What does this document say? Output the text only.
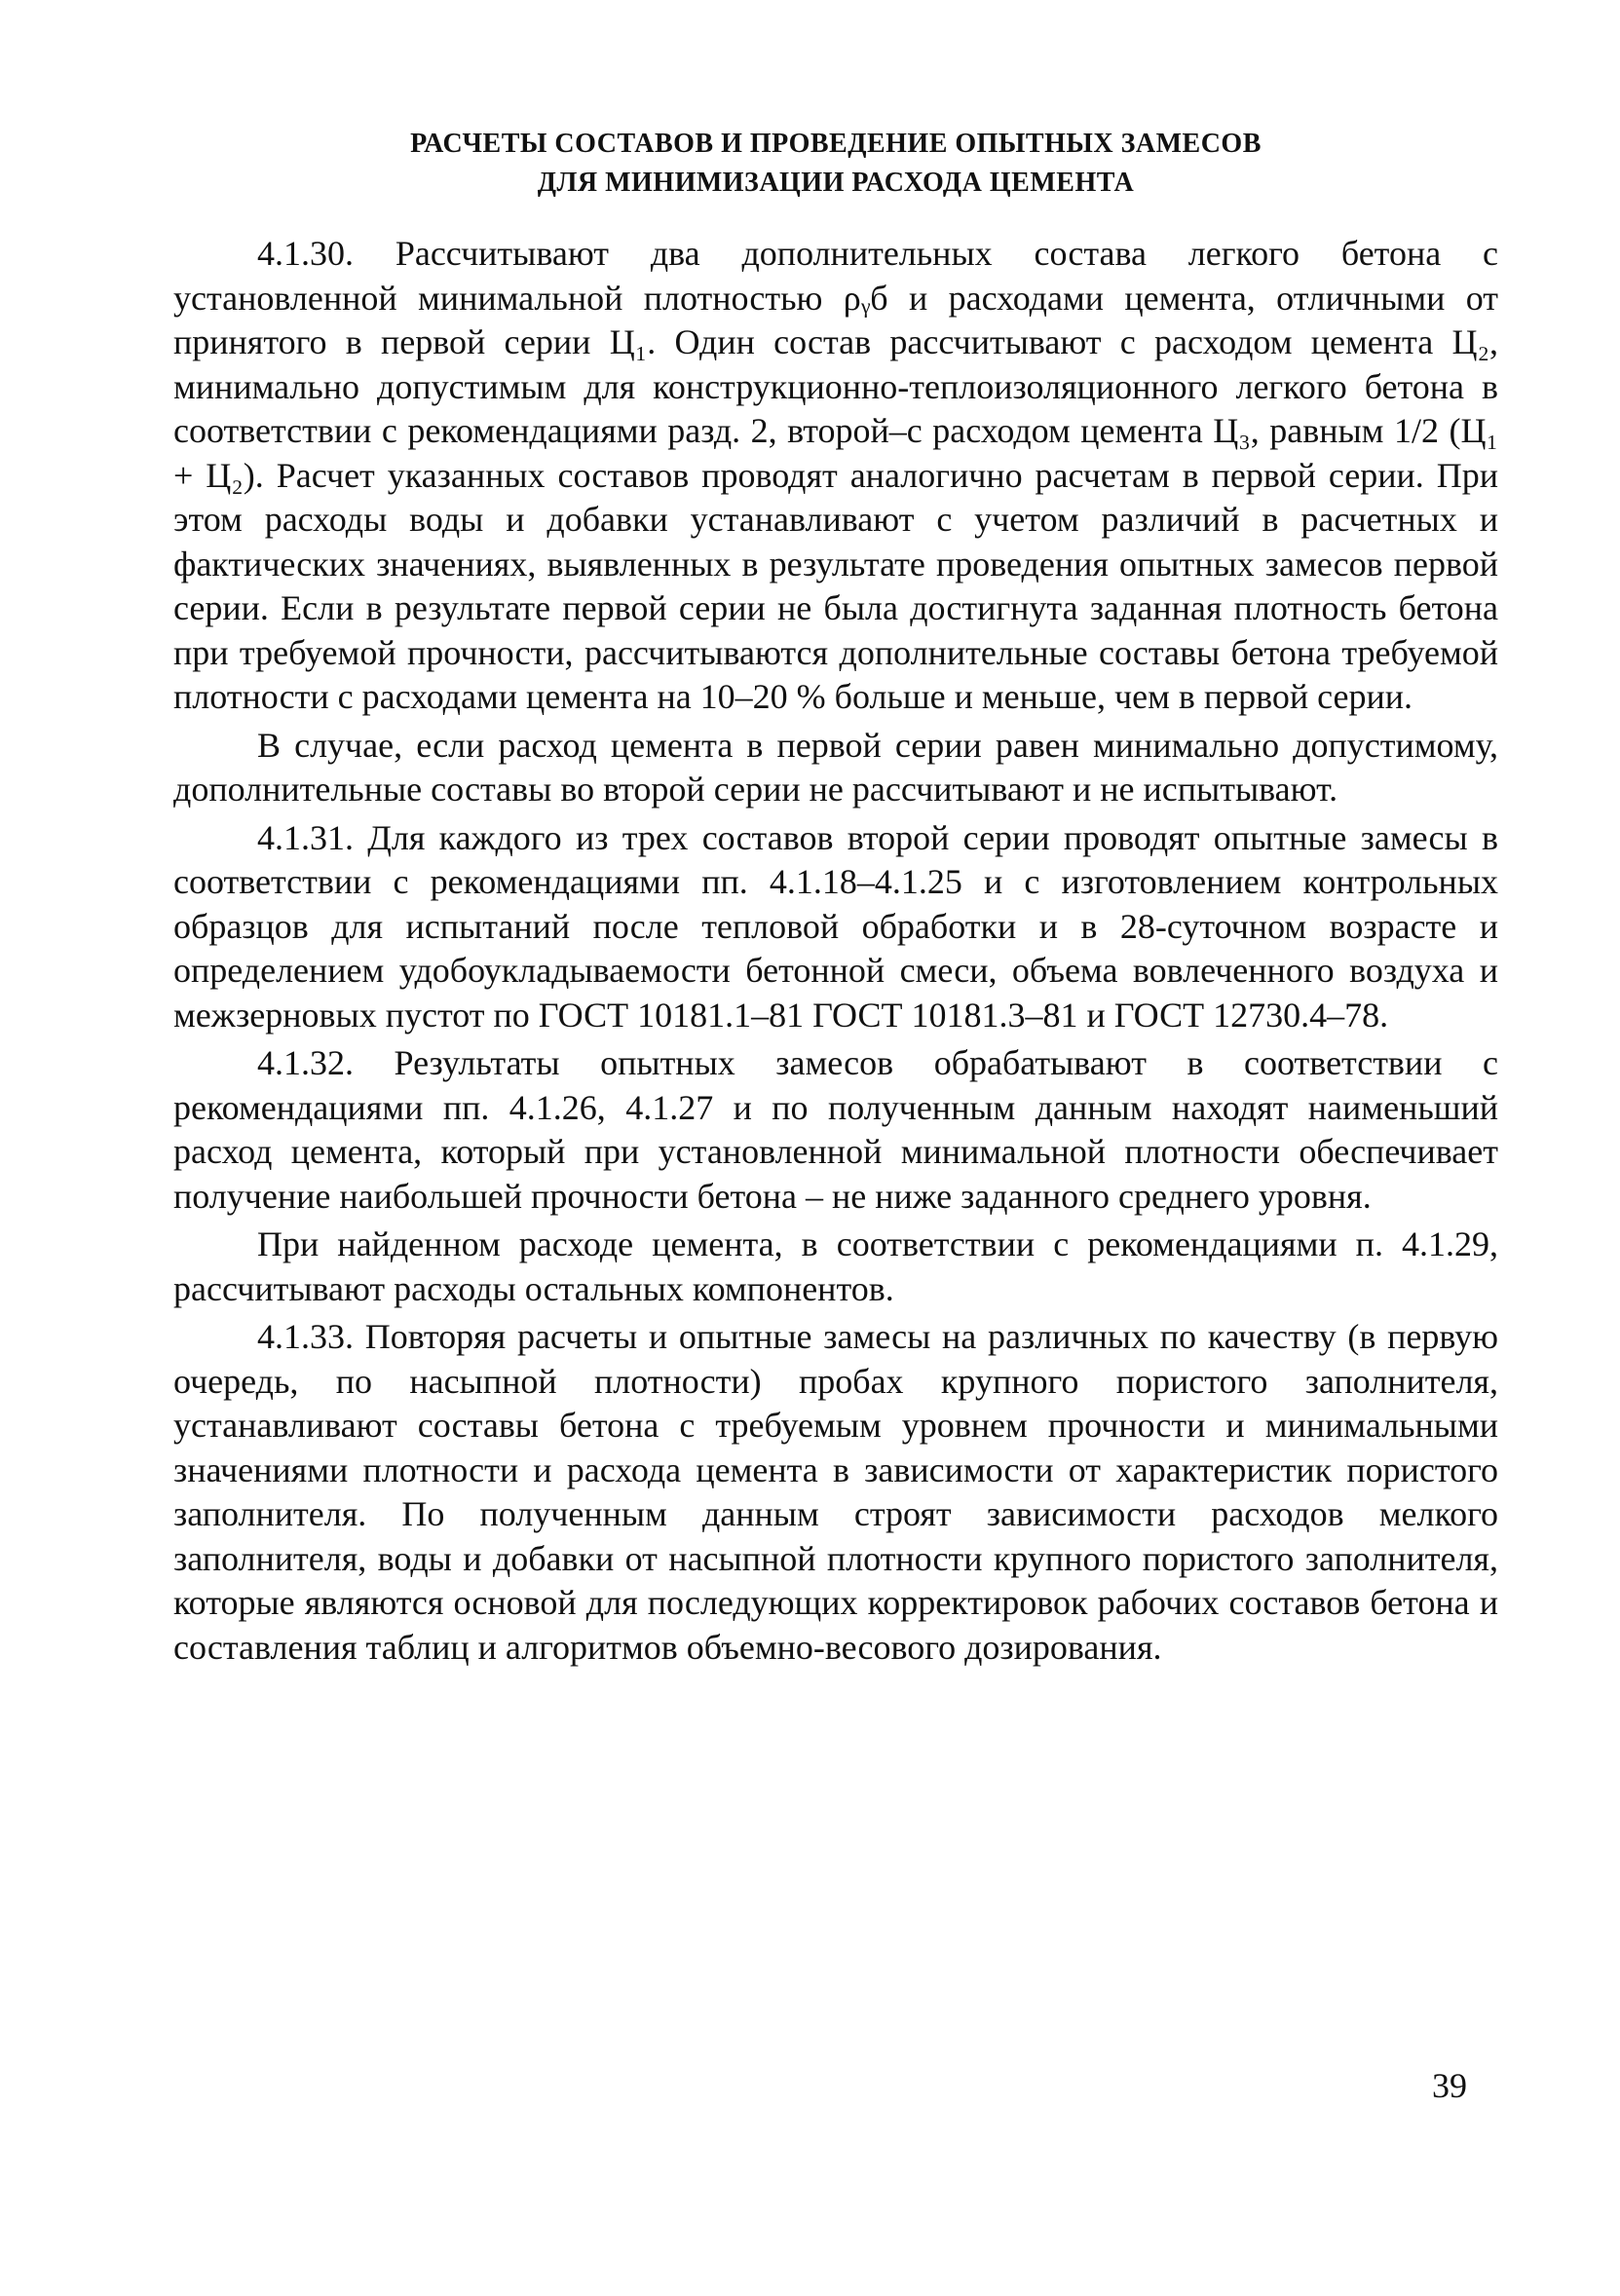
РАСЧЕТЫ СОСТАВОВ И ПРОВЕДЕНИЕ ОПЫТНЫХ ЗАМЕСОВ
ДЛЯ МИНИМИЗАЦИИ РАСХОДА ЦЕМЕНТА

4.1.30. Рассчитывают два дополнительных состава легкого бетона с установленной минимальной плотностью ρᵧб и расходами цемента, отличными от принятого в первой серии Ц₁. Один состав рассчитывают с расходом цемента Ц₂, минимально допустимым для конструкционно-теплоизоляционного легкого бетона в соответствии с рекомендациями разд. 2, второй–с расходом цемента Ц₃, равным 1/2 (Ц₁ + Ц₂). Расчет указанных составов проводят аналогично расчетам в первой серии. При этом расходы воды и добавки устанавливают с учетом различий в расчетных и фактических значениях, выявленных в результате проведения опытных замесов первой серии. Если в результате первой серии не была достигнута заданная плотность бетона при требуемой прочности, рассчитываются дополнительные составы бетона требуемой плотности с расходами цемента на 10–20 % больше и меньше, чем в первой серии.

В случае, если расход цемента в первой серии равен минимально допустимому, дополнительные составы во второй серии не рассчитывают и не испытывают.

4.1.31. Для каждого из трех составов второй серии проводят опытные замесы в соответствии с рекомендациями пп. 4.1.18–4.1.25 и с изготовлением контрольных образцов для испытаний после тепловой обработки и в 28-суточном возрасте и определением удобоукладываемости бетонной смеси, объема вовлеченного воздуха и межзерновых пустот по ГОСТ 10181.1–81 ГОСТ 10181.3–81 и ГОСТ 12730.4–78.

4.1.32. Результаты опытных замесов обрабатывают в соответствии с рекомендациями пп. 4.1.26, 4.1.27 и по полученным данным находят наименьший расход цемента, который при установленной минимальной плотности обеспечивает получение наибольшей прочности бетона – не ниже заданного среднего уровня.

При найденном расходе цемента, в соответствии с рекомендациями п. 4.1.29, рассчитывают расходы остальных компонентов.

4.1.33. Повторяя расчеты и опытные замесы на различных по качеству (в первую очередь, по насыпной плотности) пробах крупного пористого заполнителя, устанавливают составы бетона с требуемым уровнем прочности и минимальными значениями плотности и расхода цемента в зависимости от характеристик пористого заполнителя. По полученным данным строят зависимости расходов мелкого заполнителя, воды и добавки от насыпной плотности крупного пористого заполнителя, которые являются основой для последующих корректировок рабочих составов бетона и составления таблиц и алгоритмов объемно-весового дозирования.

39
